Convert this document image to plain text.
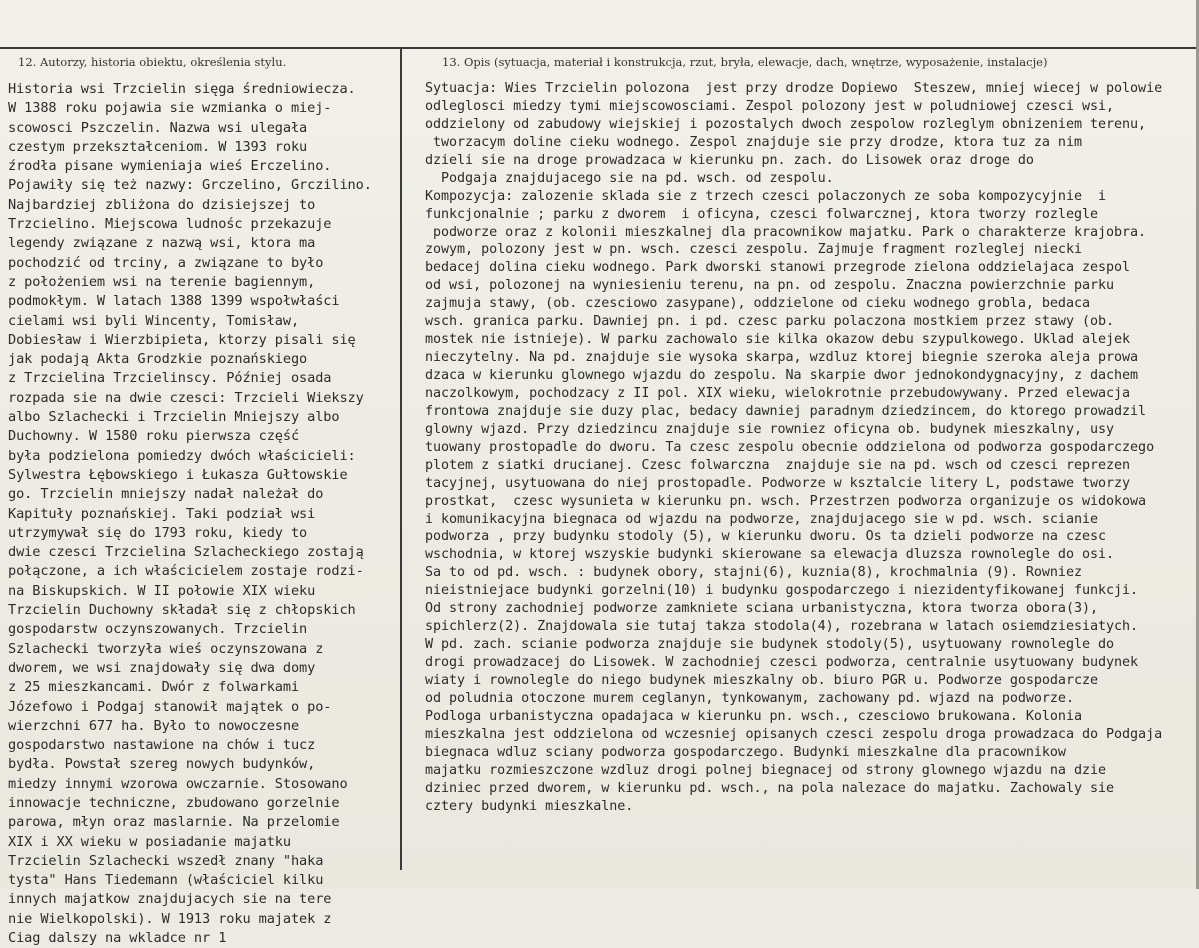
12. Autorzy, historia obiektu, określenia stylu.	13. Opis (sytuacja, materiał i konstrukcja, rzut, bryła, elewacje, dach, wnętrze, wyposażenie, instalacje)
Historia wsi Trzcielin sięga średniowiecza.
W 1388 roku pojawia sie wzmianka o miej-
scowosci Pszczelin. Nazwa wsi ulegała
czestym przekształceniom. W 1393 roku
źrodła pisane wymieniaja wieś Erczelino.
Pojawiły się też nazwy: Grczelino, Grczilino.
Najbardziej zbliżona do dzisiejszej to
Trzcielino. Miejscowa ludnośc przekazuje
legendy związane z nazwą wsi, ktora ma
pochodzić od trciny, a związane to było
z położeniem wsi na terenie bagiennym,
podmokłym. W latach 1388 1399 wspołwłaści
cielami wsi byli Wincenty, Tomisław,
Dobiesław i Wierzbipieta, ktorzy pisali się
jak podają Akta Grodzkie poznańskiego
z Trzcielina Trzcielinscy. Później osada
rozpada sie na dwie czesci: Trzcieli Wiekszy
albo Szlachecki i Trzcielin Mniejszy albo
Duchowny. W 1580 roku pierwsza część
była podzielona pomiedzy dwóch właścicieli:
Sylwestra Łębowskiego i Łukasza Gułtowskie
go. Trzcielin mniejszy nadał należał do
Kapituły poznańskiej. Taki podział wsi
utrzymywał się do 1793 roku, kiedy to
dwie czesci Trzcielina Szlacheckiego zostają
połączone, a ich właścicielem zostaje rodzi-
na Biskupskich. W II połowie XIX wieku
Trzcielin Duchowny składał się z chłopskich
gospodarstw oczynszowanych. Trzcielin
Szlachecki tworzyła wieś oczynszowana z
dworem, we wsi znajdowały się dwa domy
z 25 mieszkancami. Dwór z folwarkami
Józefowo i Podgaj stanowił majątek o po-
wierzchni 677 ha. Było to nowoczesne
gospodarstwo nastawione na chów i tucz
bydła. Powstał szereg nowych budynków,
miedzy innymi wzorowa owczarnie. Stosowano
innowacje techniczne, zbudowano gorzelnie
parowa, młyn oraz maslarnie. Na przelomie
XIX i XX wieku w posiadanie majatku
Trzcielin Szlachecki wszedł znany "haka
tysta" Hans Tiedemann (właściciel kilku
innych majatkow znajdujacych sie na tere
nie Wielkopolski). W 1913 roku majatek z
Ciag dalszy na wkladce nr 1
Sytuacja: Wies Trzcielin polozona  jest przy drodze Dopiewo  Steszew, mniej wiecej w polowie
odleglosci miedzy tymi miejscowosciami. Zespol polozony jest w poludniowej czesci wsi,
oddzielony od zabudowy wiejskiej i pozostalych dwoch zespolow rozleglym obnizeniem terenu,
tworzacym doline cieku wodnego. Zespol znajduje sie przy drodze, ktora tuz za nim
dzieli sie na droge prowadzaca w kierunku pn. zach. do Lisowek oraz droge do
Podgaja znajdujacego sie na pd. wsch. od zespolu.
Kompozycja: zalozenie sklada sie z trzech czesci polaczonych ze soba kompozycyjnie  i
funkcjonalnie ; parku z dworem  i oficyna, czesci folwarcznej, ktora tworzy rozlegle
podworze oraz z kolonii mieszkalnej dla pracownikow majatku. Park o charakterze krajobra.
zowym, polozony jest w pn. wsch. czesci zespolu. Zajmuje fragment rozleglej niecki
bedacej dolina cieku wodnego. Park dworski stanowi przegrode zielona oddzielajaca zespol
od wsi, polozonej na wyniesieniu terenu, na pn. od zespolu. Znaczna powierzchnie parku
zajmuja stawy, (ob. czesciowo zasypane), oddzielone od cieku wodnego grobla, bedaca
wsch. granica parku. Dawniej pn. i pd. czesc parku polaczona mostkiem przez stawy (ob.
mostek nie istnieje). W parku zachowalo sie kilka okazow debu szypulkowego. Uklad alejek
nieczytelny. Na pd. znajduje sie wysoka skarpa, wzdluz ktorej biegnie szeroka aleja prowa
dzaca w kierunku glownego wjazdu do zespolu. Na skarpie dwor jednokondygnacyjny, z dachem
naczolkowym, pochodzacy z II pol. XIX wieku, wielokrotnie przebudowywany. Przed elewacja
frontowa znajduje sie duzy plac, bedacy dawniej paradnym dziedzincem, do ktorego prowadzil
glowny wjazd. Przy dziedzincu znajduje sie rowniez oficyna ob. budynek mieszkalny, usy
tuowany prostopadle do dworu. Ta czesc zespolu obecnie oddzielona od podworza gospodarczego
plotem z siatki drucianej. Czesc folwarczna  znajduje sie na pd. wsch od czesci reprezen
tacyjnej, usytuowana do niej prostopadle. Podworze w ksztalcie litery L, podstawe tworzy
prostkat,  czesc wysunieta w kierunku pn. wsch. Przestrzen podworza organizuje os widokowa
i komunikacyjna biegnaca od wjazdu na podworze, znajdujacego sie w pd. wsch. scianie
podworza , przy budynku stodoly (5), w kierunku dworu. Os ta dzieli podworze na czesc
wschodnia, w ktorej wszyskie budynki skierowane sa elewacja dluzsza rownolegle do osi.
Sa to od pd. wsch. : budynek obory, stajni(6), kuznia(8), krochmalnia (9). Rowniez
nieistniejace budynki gorzelni(10) i budynku gospodarczego i niezidentyfikowanej funkcji.
Od strony zachodniej podworze zamkniete sciana urbanistyczna, ktora tworza obora(3),
spichlerz(2). Znajdowala sie tutaj takza stodola(4), rozebrana w latach osiemdziesiatych.
W pd. zach. scianie podworza znajduje sie budynek stodoly(5), usytuowany rownolegle do
drogi prowadzacej do Lisowek. W zachodniej czesci podworza, centralnie usytuowany budynek
wiaty i rownolegle do niego budynek mieszkalny ob. biuro PGR u. Podworze gospodarcze
od poludnia otoczone murem ceglanyn, tynkowanym, zachowany pd. wjazd na podworze.
Podloga urbanistyczna opadajaca w kierunku pn. wsch., czesciowo brukowana. Kolonia
mieszkalna jest oddzielona od wczesniej opisanych czesci zespolu droga prowadzaca do Podgaja
biegnaca wdluz sciany podworza gospodarczego. Budynki mieszkalne dla pracownikow
majatku rozmieszczone wzdluz drogi polnej biegnacej od strony glownego wjazdu na dzie
dziniec przed dworem, w kierunku pd. wsch., na pola nalezace do majatku. Zachowaly sie
cztery budynki mieszkalne.
